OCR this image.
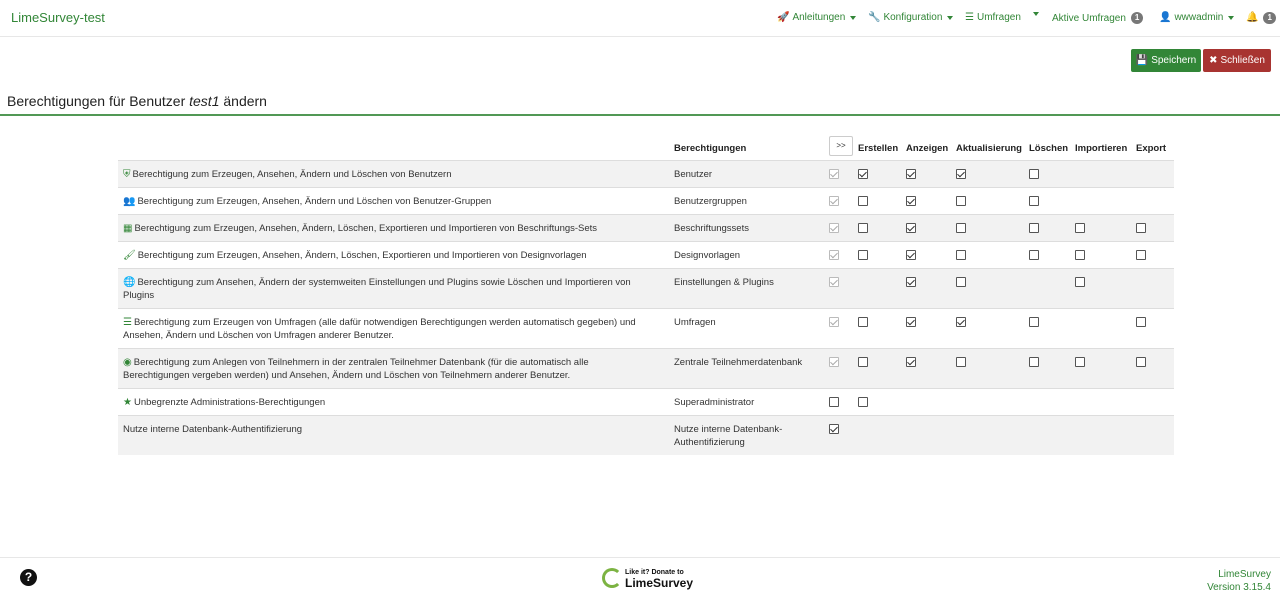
LimeSurvey-test	🚀 Anleitungen 🔧 Konfiguration ☰ Umfragen	Aktive Umfragen	1	👤 wwwadmin 🔔	1
💾 Speichern ✖ Schließen
Berechtigungen für Benutzer test1 ändern
	Berechtigungen	>>	Erstellen	Anzeigen	Aktualisierung	Löschen	Importieren	Export
⛨ Berechtigung zum Erzeugen, Ansehen, Ändern und Löschen von Benutzern	Benutzer							
👥 Berechtigung zum Erzeugen, Ansehen, Ändern und Löschen von Benutzer-Gruppen	Benutzergruppen							
▦ Berechtigung zum Erzeugen, Ansehen, Ändern, Löschen, Exportieren und Importieren von Beschriftungs-Sets	Beschriftungssets							
🖌 Berechtigung zum Erzeugen, Ansehen, Ändern, Löschen, Exportieren und Importieren von Designvorlagen	Designvorlagen							
🌐 Berechtigung zum Ansehen, Ändern der systemweiten Einstellungen und Plugins sowie Löschen und Importieren von Plugins	Einstellungen & Plugins							
☰ Berechtigung zum Erzeugen von Umfragen (alle dafür notwendigen Berechtigungen werden automatisch gegeben) und Ansehen, Ändern und Löschen von Umfragen anderer Benutzer.	Umfragen							
◉ Berechtigung zum Anlegen von Teilnehmern in der zentralen Teilnehmer Datenbank (für die automatisch alle Berechtigungen vergeben werden) und Ansehen, Ändern und Löschen von Teilnehmern anderer Benutzer.	Zentrale Teilnehmerdatenbank							
★ Unbegrenzte Administrations-Berechtigungen	Superadministrator							
Nutze interne Datenbank-Authentifizierung	Nutze interne Datenbank-Authentifizierung							
?	Like it? Donate to
LimeSurvey
LimeSurvey
Version 3.15.4
